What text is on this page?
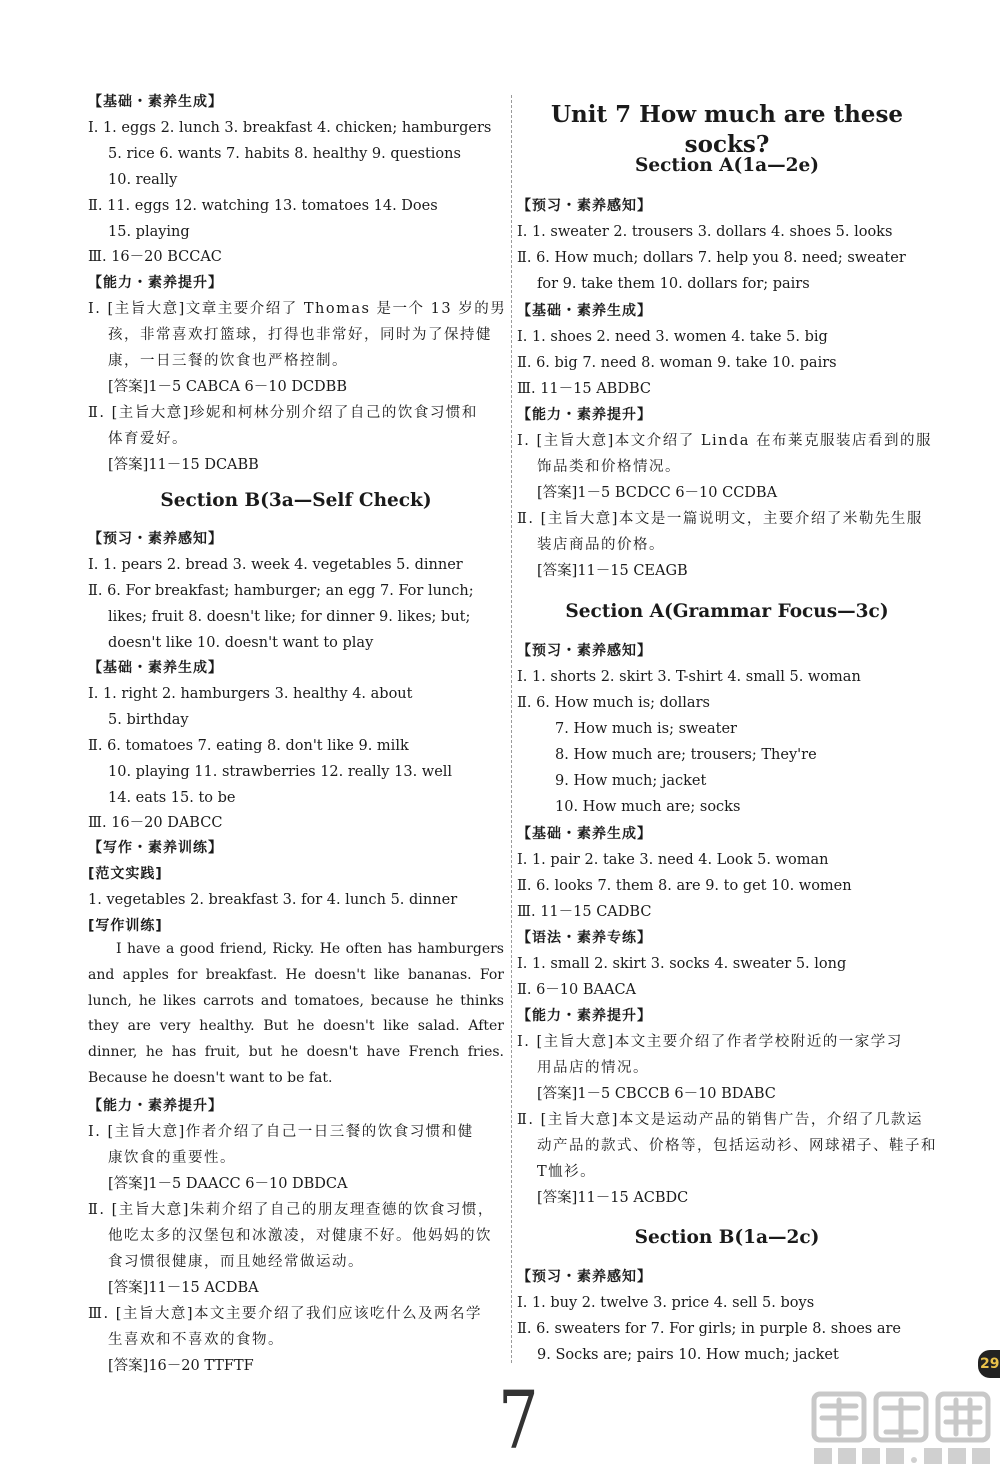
【基础・素养生成】
Ⅰ. 1. eggs 2. lunch 3. breakfast 4. chicken; hamburgers
5. rice 6. wants 7. habits 8. healthy 9. questions
10. really
Ⅱ. 11. eggs 12. watching 13. tomatoes 14. Does
15. playing
Ⅲ. 16－20 BCCAC
【能力・素养提升】
Ⅰ. [主旨大意]文章主要介绍了 Thomas 是一个 13 岁的男
孩，非常喜欢打篮球，打得也非常好，同时为了保持健
康，一日三餐的饮食也严格控制。
[答案]1－5 CABCA 6－10 DCDBB
Ⅱ. [主旨大意]珍妮和柯林分别介绍了自己的饮食习惯和
体育爱好。
[答案]11－15 DCABB
Section B(3a—Self Check)
【预习・素养感知】
Ⅰ. 1. pears 2. bread 3. week 4. vegetables 5. dinner
Ⅱ. 6. For breakfast; hamburger; an egg 7. For lunch;
likes; fruit 8. doesn't like; for dinner 9. likes; but;
doesn't like 10. doesn't want to play
【基础・素养生成】
Ⅰ. 1. right 2. hamburgers 3. healthy 4. about
5. birthday
Ⅱ. 6. tomatoes 7. eating 8. don't like 9. milk
10. playing 11. strawberries 12. really 13. well
14. eats 15. to be
Ⅲ. 16－20 DABCC
【写作・素养训练】
[范文实践]
1. vegetables 2. breakfast 3. for 4. lunch 5. dinner
[写作训练]

I have a good friend, Ricky. He often has hamburgers and apples for breakfast. He doesn't like bananas. For lunch, he likes carrots and tomatoes, because he thinks they are very healthy. But he doesn't like salad. After dinner, he has fruit, but he doesn't have French fries. Because he doesn't want to be fat.

【能力・素养提升】
Ⅰ. [主旨大意]作者介绍了自己一日三餐的饮食习惯和健
康饮食的重要性。
[答案]1－5 DAACC 6－10 DBDCA
Ⅱ. [主旨大意]朱莉介绍了自己的朋友理查德的饮食习惯，
他吃太多的汉堡包和冰激凌，对健康不好。他妈妈的饮
食习惯很健康，而且她经常做运动。
[答案]11－15 ACDBA
Ⅲ. [主旨大意]本文主要介绍了我们应该吃什么及两名学
生喜欢和不喜欢的食物。
[答案]16－20 TTFTF
Unit 7 How much are these socks?
Section A(1a—2e)
【预习・素养感知】
Ⅰ. 1. sweater 2. trousers 3. dollars 4. shoes 5. looks
Ⅱ. 6. How much; dollars 7. help you 8. need; sweater
for 9. take them 10. dollars for; pairs
【基础・素养生成】
Ⅰ. 1. shoes 2. need 3. women 4. take 5. big
Ⅱ. 6. big 7. need 8. woman 9. take 10. pairs
Ⅲ. 11－15 ABDBC
【能力・素养提升】
Ⅰ. [主旨大意]本文介绍了 Linda 在布莱克服装店看到的服
饰品类和价格情况。
[答案]1－5 BCDCC 6－10 CCDBA
Ⅱ. [主旨大意]本文是一篇说明文，主要介绍了米勒先生服
装店商品的价格。
[答案]11－15 CEAGB
Section A(Grammar Focus—3c)
【预习・素养感知】
Ⅰ. 1. shorts 2. skirt 3. T-shirt 4. small 5. woman
Ⅱ. 6. How much is; dollars
7. How much is; sweater
8. How much are; trousers; They're
9. How much; jacket
10. How much are; socks
【基础・素养生成】
Ⅰ. 1. pair 2. take 3. need 4. Look 5. woman
Ⅱ. 6. looks 7. them 8. are 9. to get 10. women
Ⅲ. 11－15 CADBC
【语法・素养专练】
Ⅰ. 1. small 2. skirt 3. socks 4. sweater 5. long
Ⅱ. 6－10 BAACA
【能力・素养提升】
Ⅰ. [主旨大意]本文主要介绍了作者学校附近的一家学习
用品店的情况。
[答案]1－5 CBCCB 6－10 BDABC
Ⅱ. [主旨大意]本文是运动产品的销售广告，介绍了几款运
动产品的款式、价格等，包括运动衫、网球裙子、鞋子和
T恤衫。
[答案]11－15 ACBDC
Section B(1a—2c)
【预习・素养感知】
Ⅰ. 1. buy 2. twelve 3. price 4. sell 5. boys
Ⅱ. 6. sweaters for 7. For girls; in purple 8. shoes are
9. Socks are; pairs 10. How much; jacket
29
7
